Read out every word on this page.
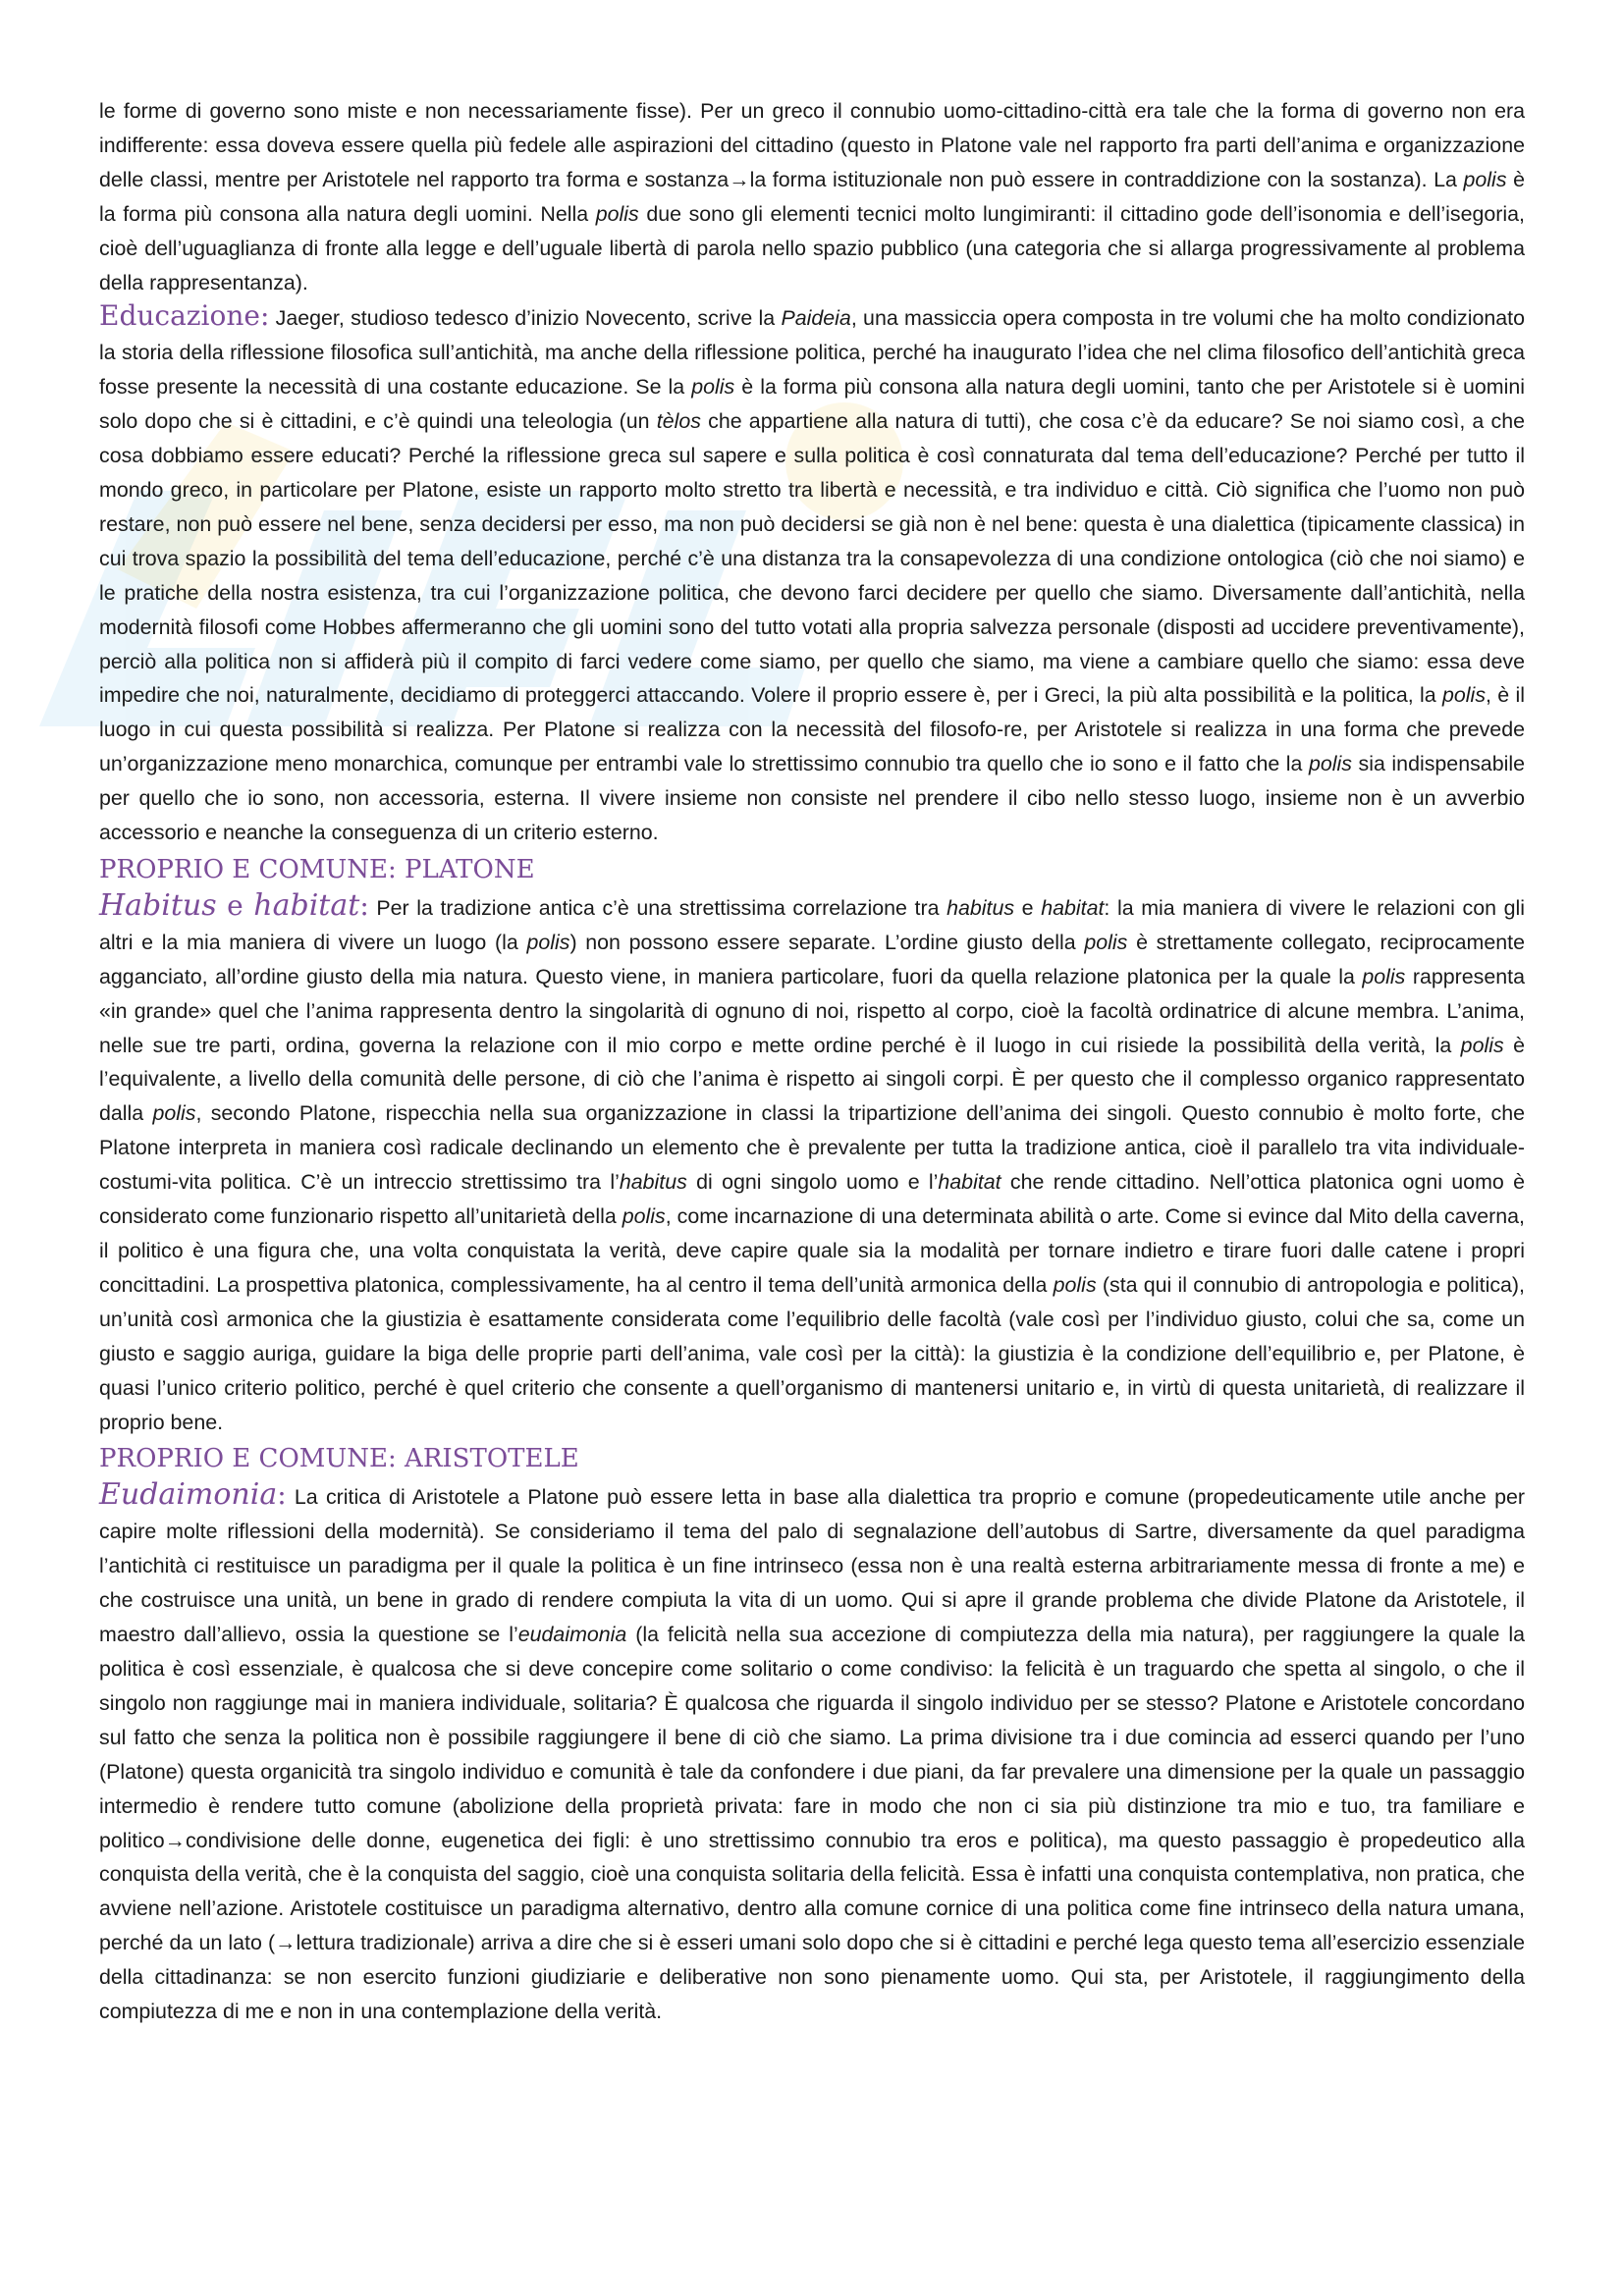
le forme di governo sono miste e non necessariamente fisse). Per un greco il connubio uomo-cittadino-città era tale che la forma di governo non era indifferente: essa doveva essere quella più fedele alle aspirazioni del cittadino (questo in Platone vale nel rapporto fra parti dell’anima e organizzazione delle classi, mentre per Aristotele nel rapporto tra forma e sostanza→la forma istituzionale non può essere in contraddizione con la sostanza). La polis è la forma più consona alla natura degli uomini. Nella polis due sono gli elementi tecnici molto lungimiranti: il cittadino gode dell’isonomia e dell’isegoria, cioè dell’uguaglianza di fronte alla legge e dell’uguale libertà di parola nello spazio pubblico (una categoria che si allarga progressivamente al problema della rappresentanza).

Educazione: Jaeger, studioso tedesco d’inizio Novecento, scrive la Paideia, una massiccia opera composta in tre volumi che ha molto condizionato la storia della riflessione filosofica sull’antichità, ma anche della riflessione politica, perché ha inaugurato l’idea che nel clima filosofico dell’antichità greca fosse presente la necessità di una costante educazione. Se la polis è la forma più consona alla natura degli uomini, tanto che per Aristotele si è uomini solo dopo che si è cittadini, e c’è quindi una teleologia (un tèlos che appartiene alla natura di tutti), che cosa c’è da educare? Se noi siamo così, a che cosa dobbiamo essere educati? Perché la riflessione greca sul sapere e sulla politica è così connaturata dal tema dell’educazione? Perché per tutto il mondo greco, in particolare per Platone, esiste un rapporto molto stretto tra libertà e necessità, e tra individuo e città. Ciò significa che l’uomo non può restare, non può essere nel bene, senza decidersi per esso, ma non può decidersi se già non è nel bene: questa è una dialettica (tipicamente classica) in cui trova spazio la possibilità del tema dell’educazione, perché c’è una distanza tra la consapevolezza di una condizione ontologica (ciò che noi siamo) e le pratiche della nostra esistenza, tra cui l’organizzazione politica, che devono farci decidere per quello che siamo. Diversamente dall’antichità, nella modernità filosofi come Hobbes affermeranno che gli uomini sono del tutto votati alla propria salvezza personale (disposti ad uccidere preventivamente), perciò alla politica non si affiderà più il compito di farci vedere come siamo, per quello che siamo, ma viene a cambiare quello che siamo: essa deve impedire che noi, naturalmente, decidiamo di proteggerci attaccando. Volere il proprio essere è, per i Greci, la più alta possibilità e la politica, la polis, è il luogo in cui questa possibilità si realizza. Per Platone si realizza con la necessità del filosofo-re, per Aristotele si realizza in una forma che prevede un’organizzazione meno monarchica, comunque per entrambi vale lo strettissimo connubio tra quello che io sono e il fatto che la polis sia indispensabile per quello che io sono, non accessoria, esterna. Il vivere insieme non consiste nel prendere il cibo nello stesso luogo, insieme non è un avverbio accessorio e neanche la conseguenza di un criterio esterno.

PROPRIO E COMUNE: PLATONE

Habitus e habitat: Per la tradizione antica c’è una strettissima correlazione tra habitus e habitat: la mia maniera di vivere le relazioni con gli altri e la mia maniera di vivere un luogo (la polis) non possono essere separate. L’ordine giusto della polis è strettamente collegato, reciprocamente agganciato, all’ordine giusto della mia natura. Questo viene, in maniera particolare, fuori da quella relazione platonica per la quale la polis rappresenta «in grande» quel che l’anima rappresenta dentro la singolarità di ognuno di noi, rispetto al corpo, cioè la facoltà ordinatrice di alcune membra. L’anima, nelle sue tre parti, ordina, governa la relazione con il mio corpo e mette ordine perché è il luogo in cui risiede la possibilità della verità, la polis è l’equivalente, a livello della comunità delle persone, di ciò che l’anima è rispetto ai singoli corpi. È per questo che il complesso organico rappresentato dalla polis, secondo Platone, rispecchia nella sua organizzazione in classi la tripartizione dell’anima dei singoli. Questo connubio è molto forte, che Platone interpreta in maniera così radicale declinando un elemento che è prevalente per tutta la tradizione antica, cioè il parallelo tra vita individuale-costumi-vita politica. C’è un intreccio strettissimo tra l’habitus di ogni singolo uomo e l’habitat che rende cittadino. Nell’ottica platonica ogni uomo è considerato come funzionario rispetto all’unitarietà della polis, come incarnazione di una determinata abilità o arte. Come si evince dal Mito della caverna, il politico è una figura che, una volta conquistata la verità, deve capire quale sia la modalità per tornare indietro e tirare fuori dalle catene i propri concittadini. La prospettiva platonica, complessivamente, ha al centro il tema dell’unità armonica della polis (sta qui il connubio di antropologia e politica), un’unità così armonica che la giustizia è esattamente considerata come l’equilibrio delle facoltà (vale così per l’individuo giusto, colui che sa, come un giusto e saggio auriga, guidare la biga delle proprie parti dell’anima, vale così per la città): la giustizia è la condizione dell’equilibrio e, per Platone, è quasi l’unico criterio politico, perché è quel criterio che consente a quell’organismo di mantenersi unitario e, in virtù di questa unitarietà, di realizzare il proprio bene.

PROPRIO E COMUNE: ARISTOTELE

Eudaimonia: La critica di Aristotele a Platone può essere letta in base alla dialettica tra proprio e comune (propedeuticamente utile anche per capire molte riflessioni della modernità). Se consideriamo il tema del palo di segnalazione dell’autobus di Sartre, diversamente da quel paradigma l’antichità ci restituisce un paradigma per il quale la politica è un fine intrinseco (essa non è una realtà esterna arbitrariamente messa di fronte a me) e che costruisce una unità, un bene in grado di rendere compiuta la vita di un uomo. Qui si apre il grande problema che divide Platone da Aristotele, il maestro dall’allievo, ossia la questione se l’eudaimonia (la felicità nella sua accezione di compiutezza della mia natura), per raggiungere la quale la politica è così essenziale, è qualcosa che si deve concepire come solitario o come condiviso: la felicità è un traguardo che spetta al singolo, o che il singolo non raggiunge mai in maniera individuale, solitaria? È qualcosa che riguarda il singolo individuo per se stesso? Platone e Aristotele concordano sul fatto che senza la politica non è possibile raggiungere il bene di ciò che siamo. La prima divisione tra i due comincia ad esserci quando per l’uno (Platone) questa organicità tra singolo individuo e comunità è tale da confondere i due piani, da far prevalere una dimensione per la quale un passaggio intermedio è rendere tutto comune (abolizione della proprietà privata: fare in modo che non ci sia più distinzione tra mio e tuo, tra familiare e politico→condivisione delle donne, eugenetica dei figli: è uno strettissimo connubio tra eros e politica), ma questo passaggio è propedeutico alla conquista della verità, che è la conquista del saggio, cioè una conquista solitaria della felicità. Essa è infatti una conquista contemplativa, non pratica, che avviene nell’azione. Aristotele costituisce un paradigma alternativo, dentro alla comune cornice di una politica come fine intrinseco della natura umana, perché da un lato (→lettura tradizionale) arriva a dire che si è esseri umani solo dopo che si è cittadini e perché lega questo tema all’esercizio essenziale della cittadinanza: se non esercito funzioni giudiziarie e deliberative non sono pienamente uomo. Qui sta, per Aristotele, il raggiungimento della compiutezza di me e non in una contemplazione della verità.
